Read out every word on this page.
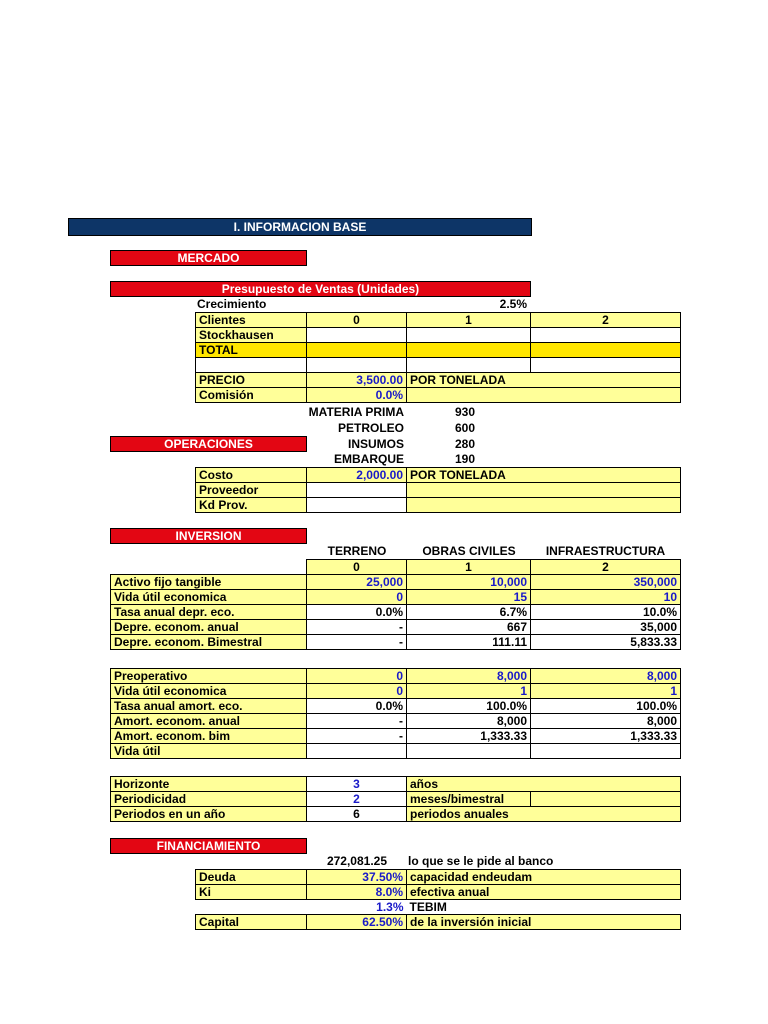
I. INFORMACION BASE
MERCADO
Presupuesto de Ventas (Unidades)
Crecimiento	2.5%
Clientes	0	1	2
Stockhausen			
TOTAL			

PRECIO	3,500.00	POR TONELADA	
Comisión	0.0%		
MATERIA PRIMA	930
PETROLEO	600
INSUMOS	280
EMBARQUE	190
OPERACIONES
Costo	2,000.00	POR TONELADA
Proveedor		
Kd Prov.		
INVERSION
TERRENO	OBRAS CIVILES	INFRAESTRUCTURA
	0	1	2
Activo fijo tangible	25,000	10,000	350,000
Vida útil economica	0	15	10
Tasa anual depr. eco.	0.0%	6.7%	10.0%
Depre. econom. anual	-	667	35,000
Depre. econom. Bimestral	-	111.11	5,833.33
Preoperativo	0	8,000	8,000
Vida útil economica	0	1	1
Tasa anual amort. eco.	0.0%	100.0%	100.0%
Amort. econom. anual	-	8,000	8,000
Amort. econom. bim	-	1,333.33	1,333.33
Vida útil			
Horizonte	3	años	
Periodicidad	2	meses/bimestral	
Periodos en un año	6	periodos anuales	
FINANCIAMIENTO
272,081.25 lo que se le pide al banco
Deuda	37.50%	capacidad endeudam
Ki	8.0%	efectiva anual
	1.3%	TEBIM
Capital	62.50%	de la inversión inicial
